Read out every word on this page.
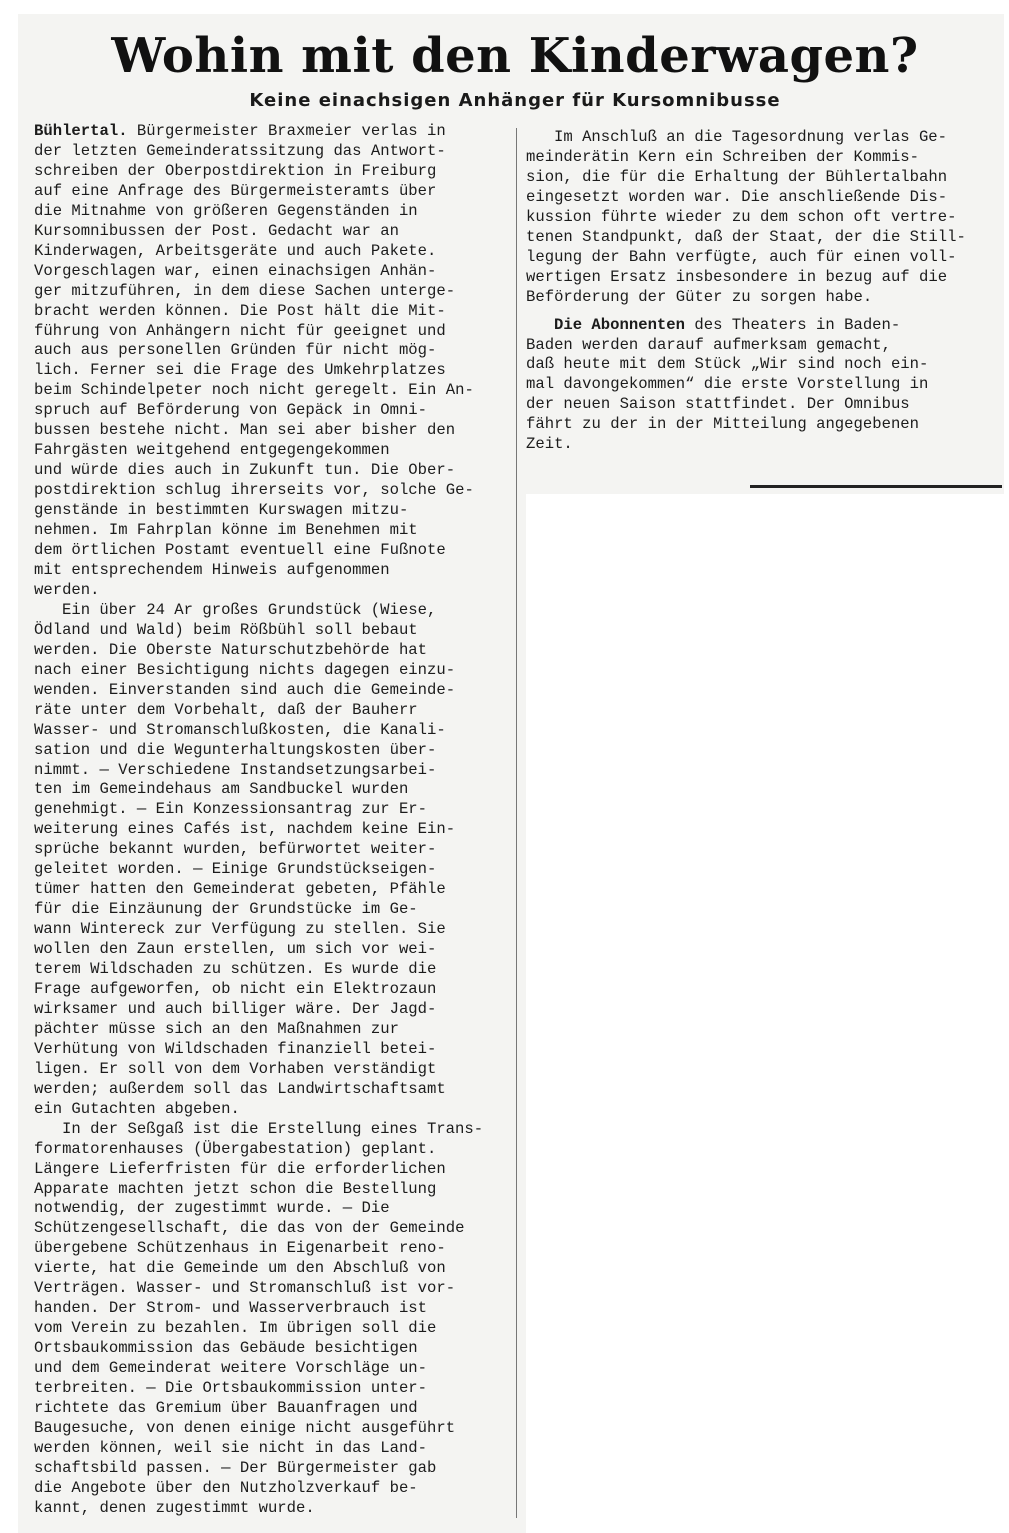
Wohin mit den Kinderwagen?
Keine einachsigen Anhänger für Kursomnibusse

Bühlertal. Bürgermeister Braxmeier verlas in
der letzten Gemeinderatssitzung das Antwort-
schreiben der Oberpostdirektion in Freiburg
auf eine Anfrage des Bürgermeisteramts über
die Mitnahme von größeren Gegenständen in
Kursomnibussen der Post. Gedacht war an
Kinderwagen, Arbeitsgeräte und auch Pakete.
Vorgeschlagen war, einen einachsigen Anhän-
ger mitzuführen, in dem diese Sachen unterge-
bracht werden können. Die Post hält die Mit-
führung von Anhängern nicht für geeignet und
auch aus personellen Gründen für nicht mög-
lich. Ferner sei die Frage des Umkehrplatzes
beim Schindelpeter noch nicht geregelt. Ein An-
spruch auf Beförderung von Gepäck in Omni-
bussen bestehe nicht. Man sei aber bisher den
Fahrgästen weitgehend entgegengekommen
und würde dies auch in Zukunft tun. Die Ober-
postdirektion schlug ihrerseits vor, solche Ge-
genstände in bestimmten Kurswagen mitzu-
nehmen. Im Fahrplan könne im Benehmen mit
dem örtlichen Postamt eventuell eine Fußnote
mit entsprechendem Hinweis aufgenommen
werden.

Ein über 24 Ar großes Grundstück (Wiese,
Ödland und Wald) beim Rößbühl soll bebaut
werden. Die Oberste Naturschutzbehörde hat
nach einer Besichtigung nichts dagegen einzu-
wenden. Einverstanden sind auch die Gemeinde-
räte unter dem Vorbehalt, daß der Bauherr
Wasser- und Stromanschlußkosten, die Kanali-
sation und die Wegunterhaltungskosten über-
nimmt. — Verschiedene Instandsetzungsarbei-
ten im Gemeindehaus am Sandbuckel wurden
genehmigt. — Ein Konzessionsantrag zur Er-
weiterung eines Cafés ist, nachdem keine Ein-
sprüche bekannt wurden, befürwortet weiter-
geleitet worden. — Einige Grundstückseigen-
tümer hatten den Gemeinderat gebeten, Pfähle
für die Einzäunung der Grundstücke im Ge-
wann Wintereck zur Verfügung zu stellen. Sie
wollen den Zaun erstellen, um sich vor wei-
terem Wildschaden zu schützen. Es wurde die
Frage aufgeworfen, ob nicht ein Elektrozaun
wirksamer und auch billiger wäre. Der Jagd-
pächter müsse sich an den Maßnahmen zur
Verhütung von Wildschaden finanziell betei-
ligen. Er soll von dem Vorhaben verständigt
werden; außerdem soll das Landwirtschaftsamt
ein Gutachten abgeben.

In der Seßgaß ist die Erstellung eines Trans-
formatorenhauses (Übergabestation) geplant.
Längere Lieferfristen für die erforderlichen
Apparate machten jetzt schon die Bestellung
notwendig, der zugestimmt wurde. — Die
Schützengesellschaft, die das von der Gemeinde
übergebene Schützenhaus in Eigenarbeit reno-
vierte, hat die Gemeinde um den Abschluß von
Verträgen. Wasser- und Stromanschluß ist vor-
handen. Der Strom- und Wasserverbrauch ist
vom Verein zu bezahlen. Im übrigen soll die
Ortsbaukommission das Gebäude besichtigen
und dem Gemeinderat weitere Vorschläge un-
terbreiten. — Die Ortsbaukommission unter-
richtete das Gremium über Bauanfragen und
Baugesuche, von denen einige nicht ausgeführt
werden können, weil sie nicht in das Land-
schaftsbild passen. — Der Bürgermeister gab
die Angebote über den Nutzholzverkauf be-
kannt, denen zugestimmt wurde.

Im Anschluß an die Tagesordnung verlas Ge-
meinderätin Kern ein Schreiben der Kommis-
sion, die für die Erhaltung der Bühlertalbahn
eingesetzt worden war. Die anschließende Dis-
kussion führte wieder zu dem schon oft vertre-
tenen Standpunkt, daß der Staat, der die Still-
legung der Bahn verfügte, auch für einen voll-
wertigen Ersatz insbesondere in bezug auf die
Beförderung der Güter zu sorgen habe.

Die Abonnenten des Theaters in Baden-
Baden werden darauf aufmerksam gemacht,
daß heute mit dem Stück „Wir sind noch ein-
mal davongekommen“ die erste Vorstellung in
der neuen Saison stattfindet. Der Omnibus
fährt zu der in der Mitteilung angegebenen
Zeit.
